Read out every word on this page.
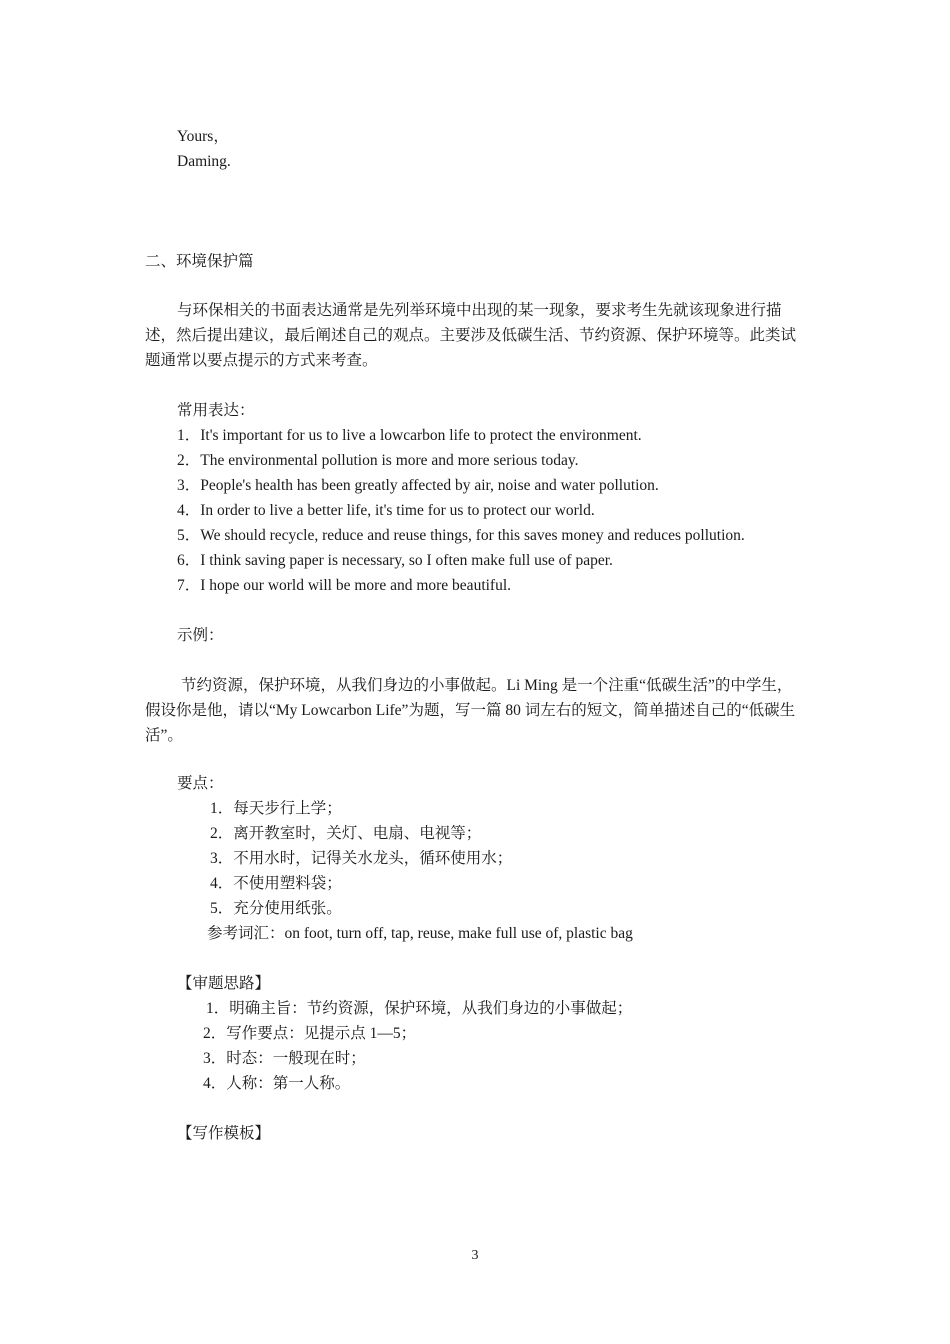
Yours，
Daming.
二、环境保护篇
与环保相关的书面表达通常是先列举环境中出现的某一现象，要求考生先就该现象进行描述，然后提出建议，最后阐述自己的观点。主要涉及低碳生活、节约资源、保护环境等。此类试题通常以要点提示的方式来考查。
常用表达：
1．It's important for us to live a lowcarbon life to protect the environment.
2．The environmental pollution is more and more serious today.
3．People's health has been greatly affected by air, noise and water pollution.
4．In order to live a better life, it's time for us to protect our world.
5．We should recycle, reduce and reuse things, for this saves money and reduces pollution.
6．I think saving paper is necessary, so I often make full use of paper.
7．I hope our world will be more and more beautiful.
示例：
节约资源，保护环境，从我们身边的小事做起。Li Ming 是一个注重“低碳生活”的中学生，假设你是他，请以“My Lowcarbon Life”为题，写一篇 80 词左右的短文，简单描述自己的“低碳生活”。
要点：
1．每天步行上学；
2．离开教室时，关灯、电扇、电视等；
3．不用水时，记得关水龙头，循环使用水；
4．不使用塑料袋；
5．充分使用纸张。
参考词汇：on foot, turn off, tap, reuse, make full use of, plastic bag
【审题思路】
1．明确主旨：节约资源，保护环境，从我们身边的小事做起；
2．写作要点：见提示点 1—5；
3．时态：一般现在时；
4．人称：第一人称。
【写作模板】
3
